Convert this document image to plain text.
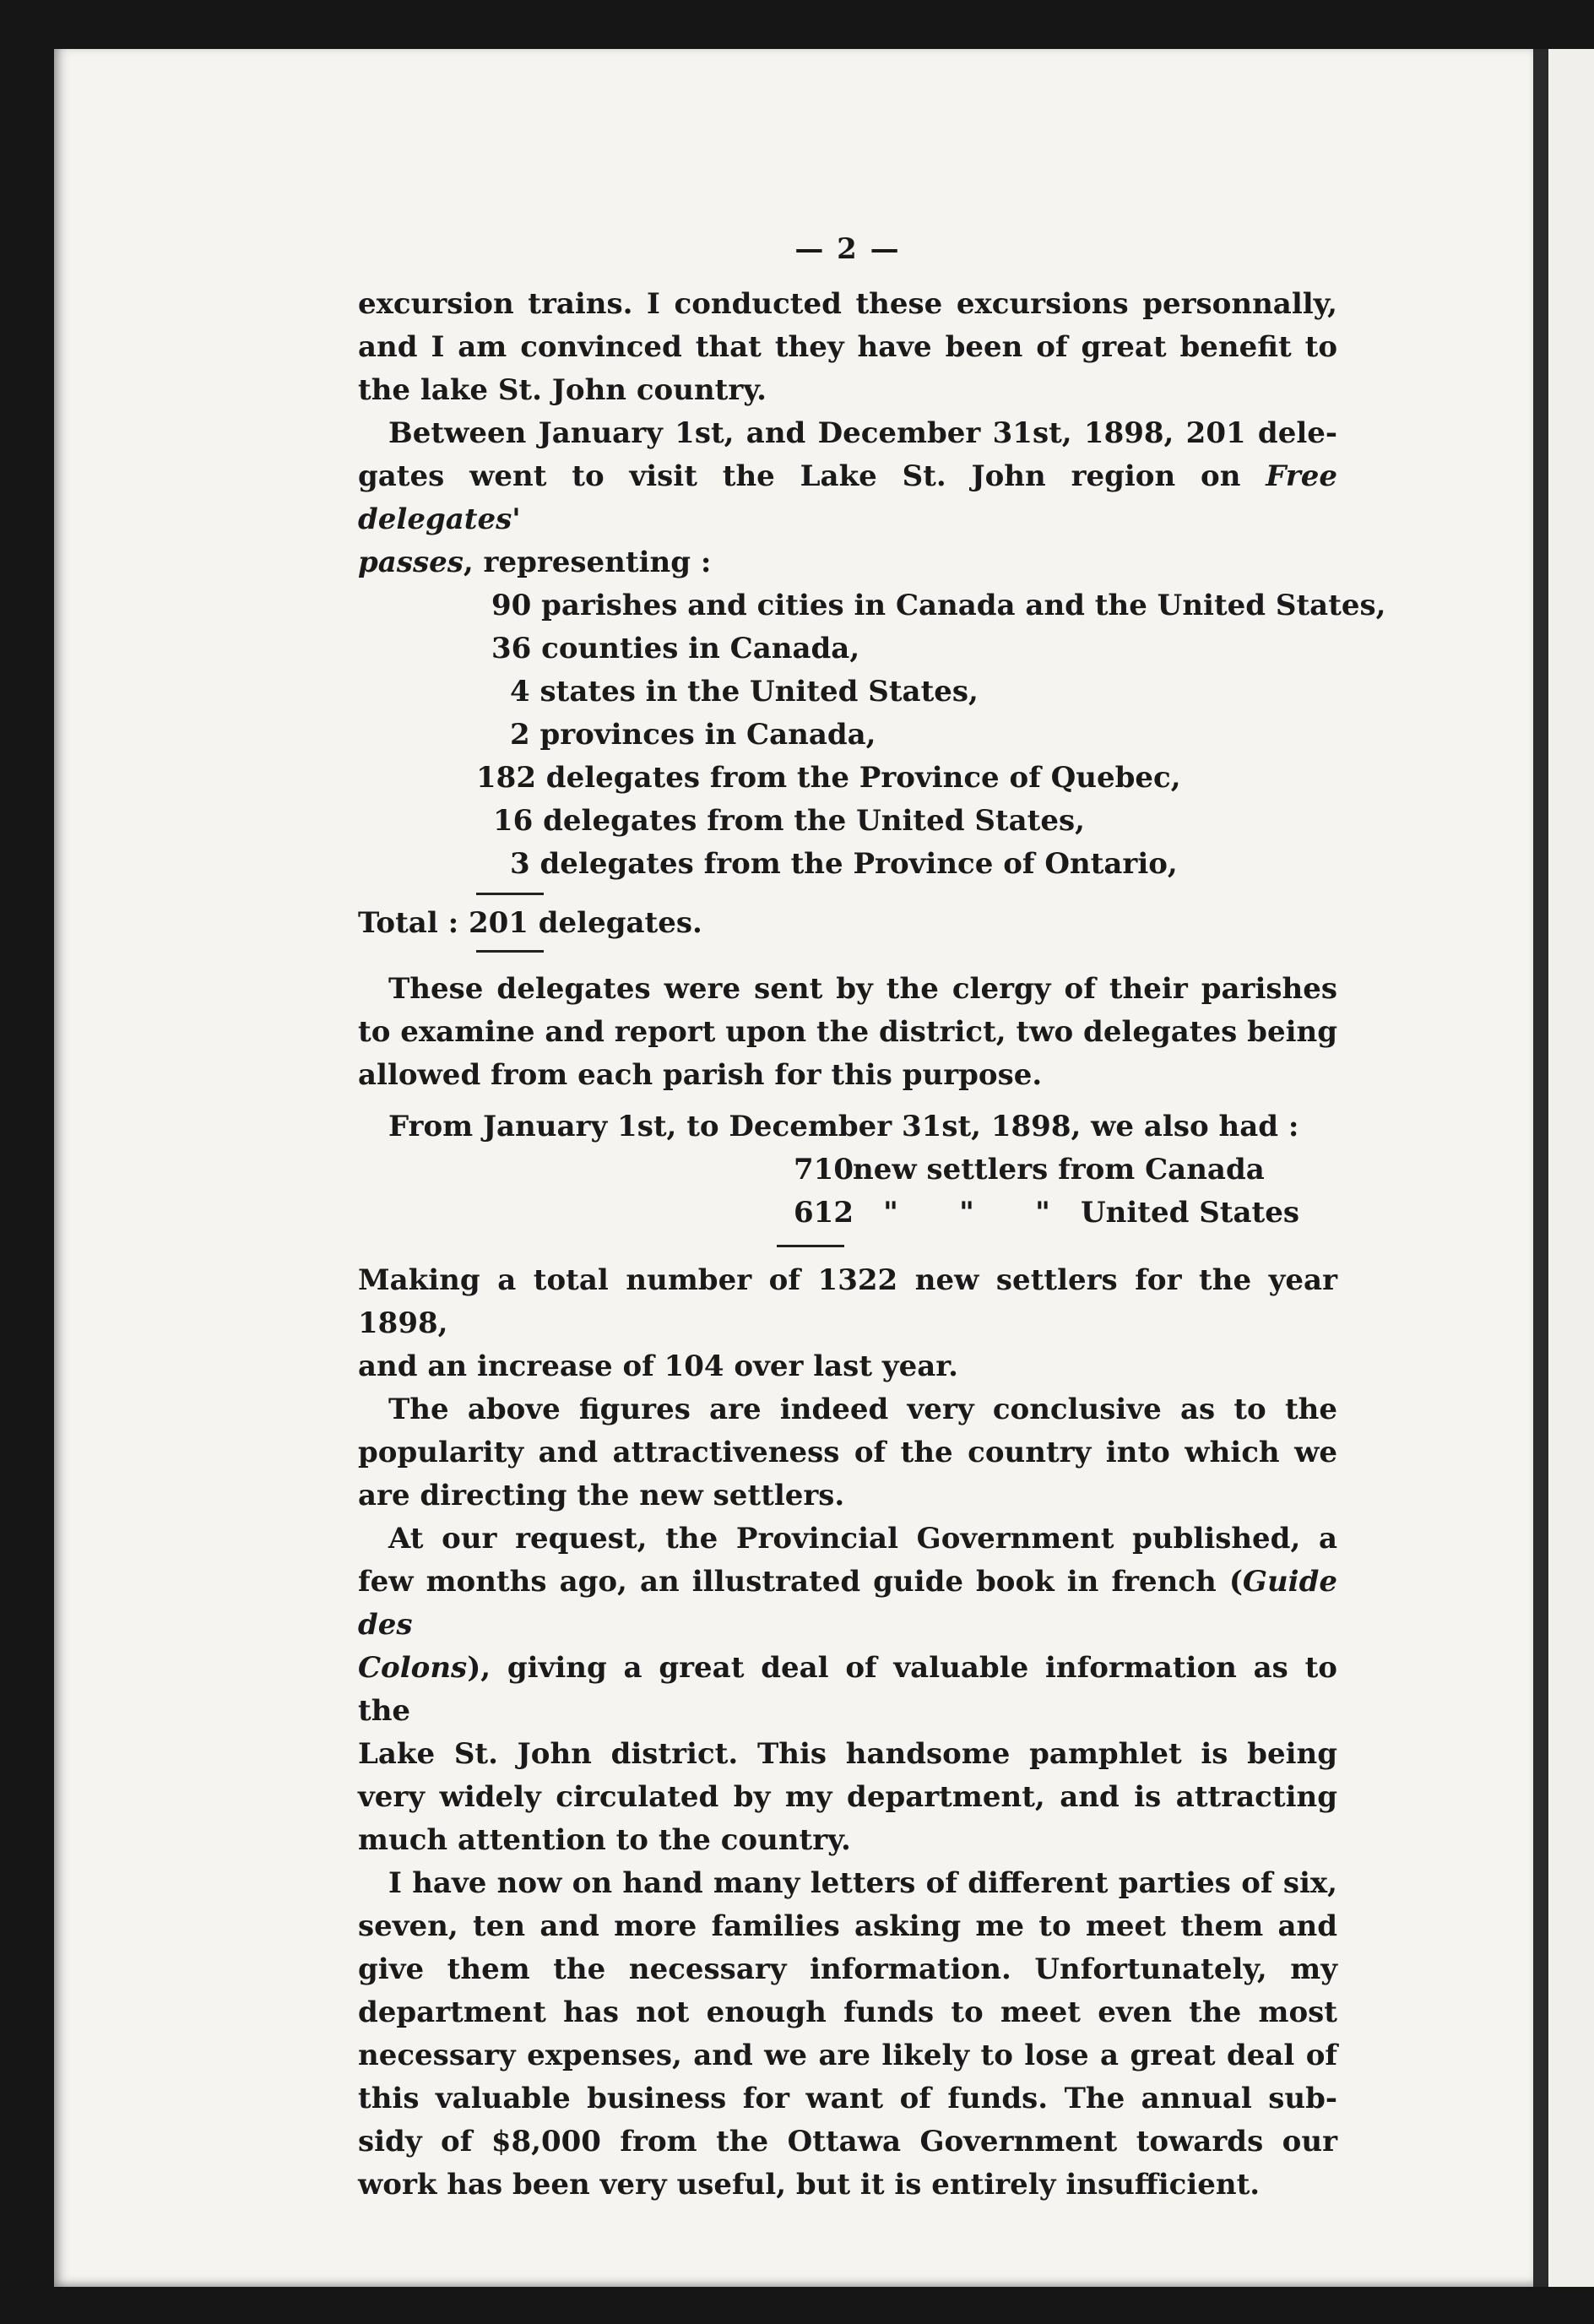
— 2 —
excursion trains. I conducted these excursions personnally,
and I am convinced that they have been of great benefit to
the lake St. John country.
Between January 1st, and December 31st, 1898, 201 dele-
gates went to visit the Lake St. John region on Free delegates'
passes, representing :
90 parishes and cities in Canada and the United States,
36 counties in Canada,
4 states in the United States,
2 provinces in Canada,
182 delegates from the Province of Quebec,
16 delegates from the United States,
3 delegates from the Province of Ontario,
Total : 201 delegates.
These delegates were sent by the clergy of their parishes
to examine and report upon the district, two delegates being
allowed from each parish for this purpose.
From January 1st, to December 31st, 1898, we also had :
710 new settlers from Canada
612	"	"	"	United States
Making a total number of 1322 new settlers for the year 1898,
and an increase of 104 over last year.
The above figures are indeed very conclusive as to the
popularity and attractiveness of the country into which we
are directing the new settlers.
At our request, the Provincial Government published, a
few months ago, an illustrated guide book in french (Guide des
Colons), giving a great deal of valuable information as to the
Lake St. John district. This handsome pamphlet is being
very widely circulated by my department, and is attracting
much attention to the country.
I have now on hand many letters of different parties of six,
seven, ten and more families asking me to meet them and
give them the necessary information. Unfortunately, my
department has not enough funds to meet even the most
necessary expenses, and we are likely to lose a great deal of
this valuable business for want of funds. The annual sub-
sidy of $8,000 from the Ottawa Government towards our
work has been very useful, but it is entirely insufficient.
